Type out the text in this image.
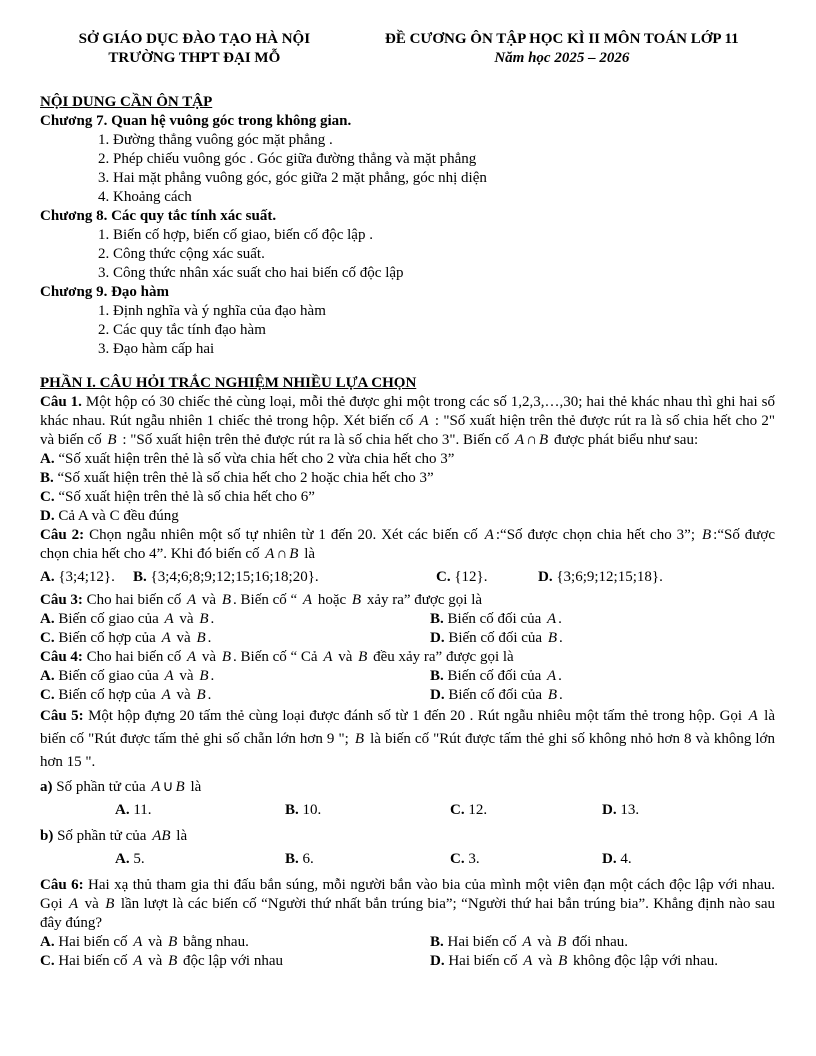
SỞ GIÁO DỤC ĐÀO TẠO HÀ NỘI
TRƯỜNG THPT ĐẠI MỖ
ĐỀ CƯƠNG ÔN TẬP HỌC KÌ II MÔN TOÁN LỚP 11
Năm học 2025 – 2026
NỘI DUNG CẦN ÔN TẬP
Chương 7. Quan hệ vuông góc trong không gian.
1. Đường thẳng vuông góc mặt phẳng .
2. Phép chiếu vuông góc . Góc giữa đường thẳng và mặt phẳng
3. Hai mặt phẳng vuông góc, góc giữa 2 mặt phẳng, góc nhị diện
4. Khoảng cách
Chương 8. Các quy tắc tính xác suất.
1. Biến cố hợp, biến cố giao, biến cố độc lập .
2. Công thức cộng xác suất.
3. Công thức nhân xác suất cho hai biến cố độc lập
Chương 9. Đạo hàm
1. Định nghĩa và ý nghĩa của đạo hàm
2. Các quy tắc tính đạo hàm
3. Đạo hàm cấp hai
PHẦN I. CÂU HỎI TRẮC NGHIỆM NHIỀU LỰA CHỌN

Câu 1. Một hộp có 30 chiếc thẻ cùng loại, mỗi thẻ được ghi một trong các số 1,2,3,…,30; hai thẻ khác nhau thì ghi hai số khác nhau. Rút ngẫu nhiên 1 chiếc thẻ trong hộp. Xét biến cố A : "Số xuất hiện trên thẻ được rút ra là số chia hết cho 2" và biến cố B : "Số xuất hiện trên thẻ được rút ra là số chia hết cho 3". Biến cố A ∩ B được phát biểu như sau:

A. “Số xuất hiện trên thẻ là số vừa chia hết cho 2 vừa chia hết cho 3”

B. “Số xuất hiện trên thẻ là số chia hết cho 2 hoặc chia hết cho 3”

C. “Số xuất hiện trên thẻ là số chia hết cho 6”

D. Cả A và C đều đúng

Câu 2: Chọn ngẫu nhiên một số tự nhiên từ 1 đến 20. Xét các biến cố A :“Số được chọn chia hết cho 3”; B :“Số được chọn chia hết cho 4”. Khi đó biến cố A ∩ B là

A. {3;4;12}.	B. {3;4;6;8;9;12;15;16;18;20}.	C. {12}.	D. {3;6;9;12;15;18}.

Câu 3: Cho hai biến cố A và B . Biến cố “ A hoặc B xảy ra” được gọi là

A. Biến cố giao của A và B .	B. Biến cố đối của A .
C. Biến cố hợp của A và B .	D. Biến cố đối của B .

Câu 4: Cho hai biến cố A và B . Biến cố “ Cả A và B đều xảy ra” được gọi là

A. Biến cố giao của A và B .	B. Biến cố đối của A .
C. Biến cố hợp của A và B .	D. Biến cố đối của B .

Câu 5: Một hộp đựng 20 tấm thẻ cùng loại được đánh số từ 1 đến 20 . Rút ngẫu nhiêu một tấm thẻ trong hộp. Gọi A là biến cố "Rút được tấm thẻ ghi số chẵn lớn hơn 9 "; B là biến cố "Rút được tấm thẻ ghi số không nhỏ hơn 8 và không lớn hơn 15 ".

a) Số phần tử của A ∪ B là

A. 11.	B. 10.	C. 12.	D. 13.

b) Số phần tử của AB là

A. 5.	B. 6.	C. 3.	D. 4.

Câu 6: Hai xạ thủ tham gia thi đấu bắn súng, mỗi người bắn vào bia của mình một viên đạn một cách độc lập với nhau. Gọi A và B lần lượt là các biến cố “Người thứ nhất bắn trúng bia”; “Người thứ hai bắn trúng bia”. Khẳng định nào sau đây đúng?

A. Hai biến cố A và B bằng nhau.	B. Hai biến cố A và B đối nhau.
C. Hai biến cố A và B độc lập với nhau	D. Hai biến cố A và B không độc lập với nhau.
